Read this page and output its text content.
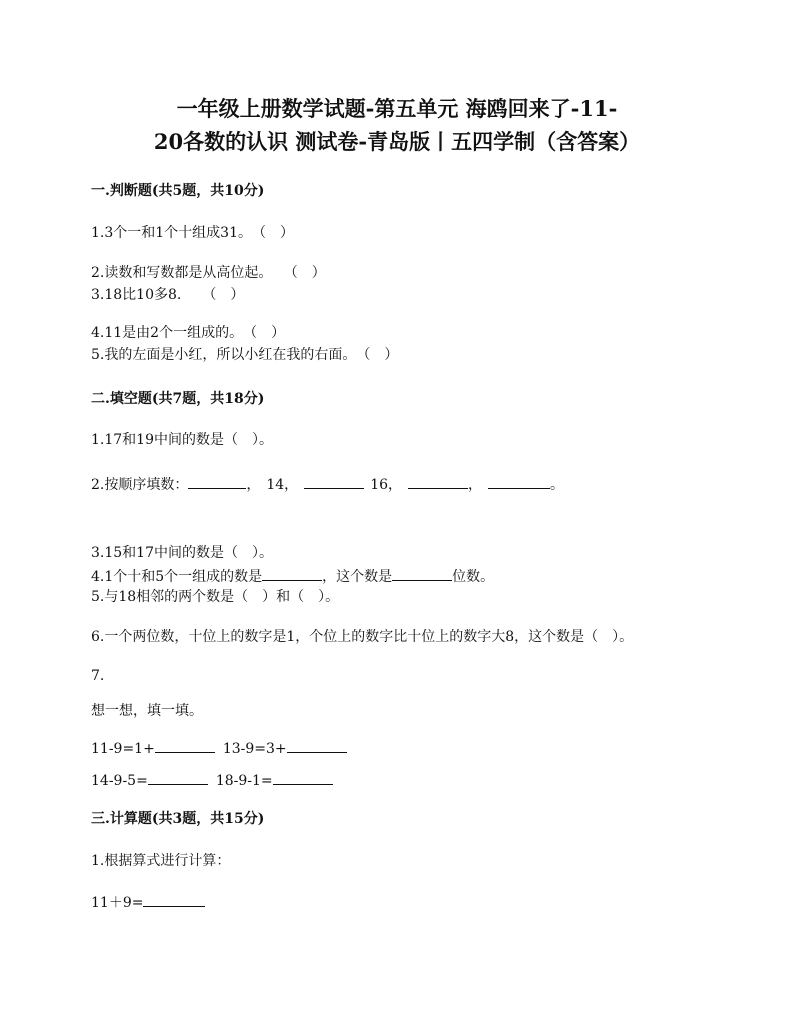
一年级上册数学试题-第五单元 海鸥回来了-11-
20各数的认识 测试卷-青岛版丨五四学制（含答案）
一.判断题(共5题，共10分)
1.3个一和1个十组成31。　（　）
2.读数和写数都是从高位起。　 （　）
3.18比10多8.　　（　）
4.11是由2个一组成的。　（　）
5.我的左面是小红，所以小红在我的右面。　（　）
二.填空题(共7题，共18分)
1.17和19中间的数是（　）。
2.按顺序填数：	， 14，	16，	，	。
3.15和17中间的数是（　）。
4.1个十和5个一组成的数是	，这个数是	位数。
5.与18相邻的两个数是（　）和（　）。
6.一个两位数，十位上的数字是1，个位上的数字比十位上的数字大8，这个数是（　）。
7.
想一想，填一填。
11-9=1+	13-9=3+
14-9-5=	18-9-1=
三.计算题(共3题，共15分)
1.根据算式进行计算：
11＋9=
